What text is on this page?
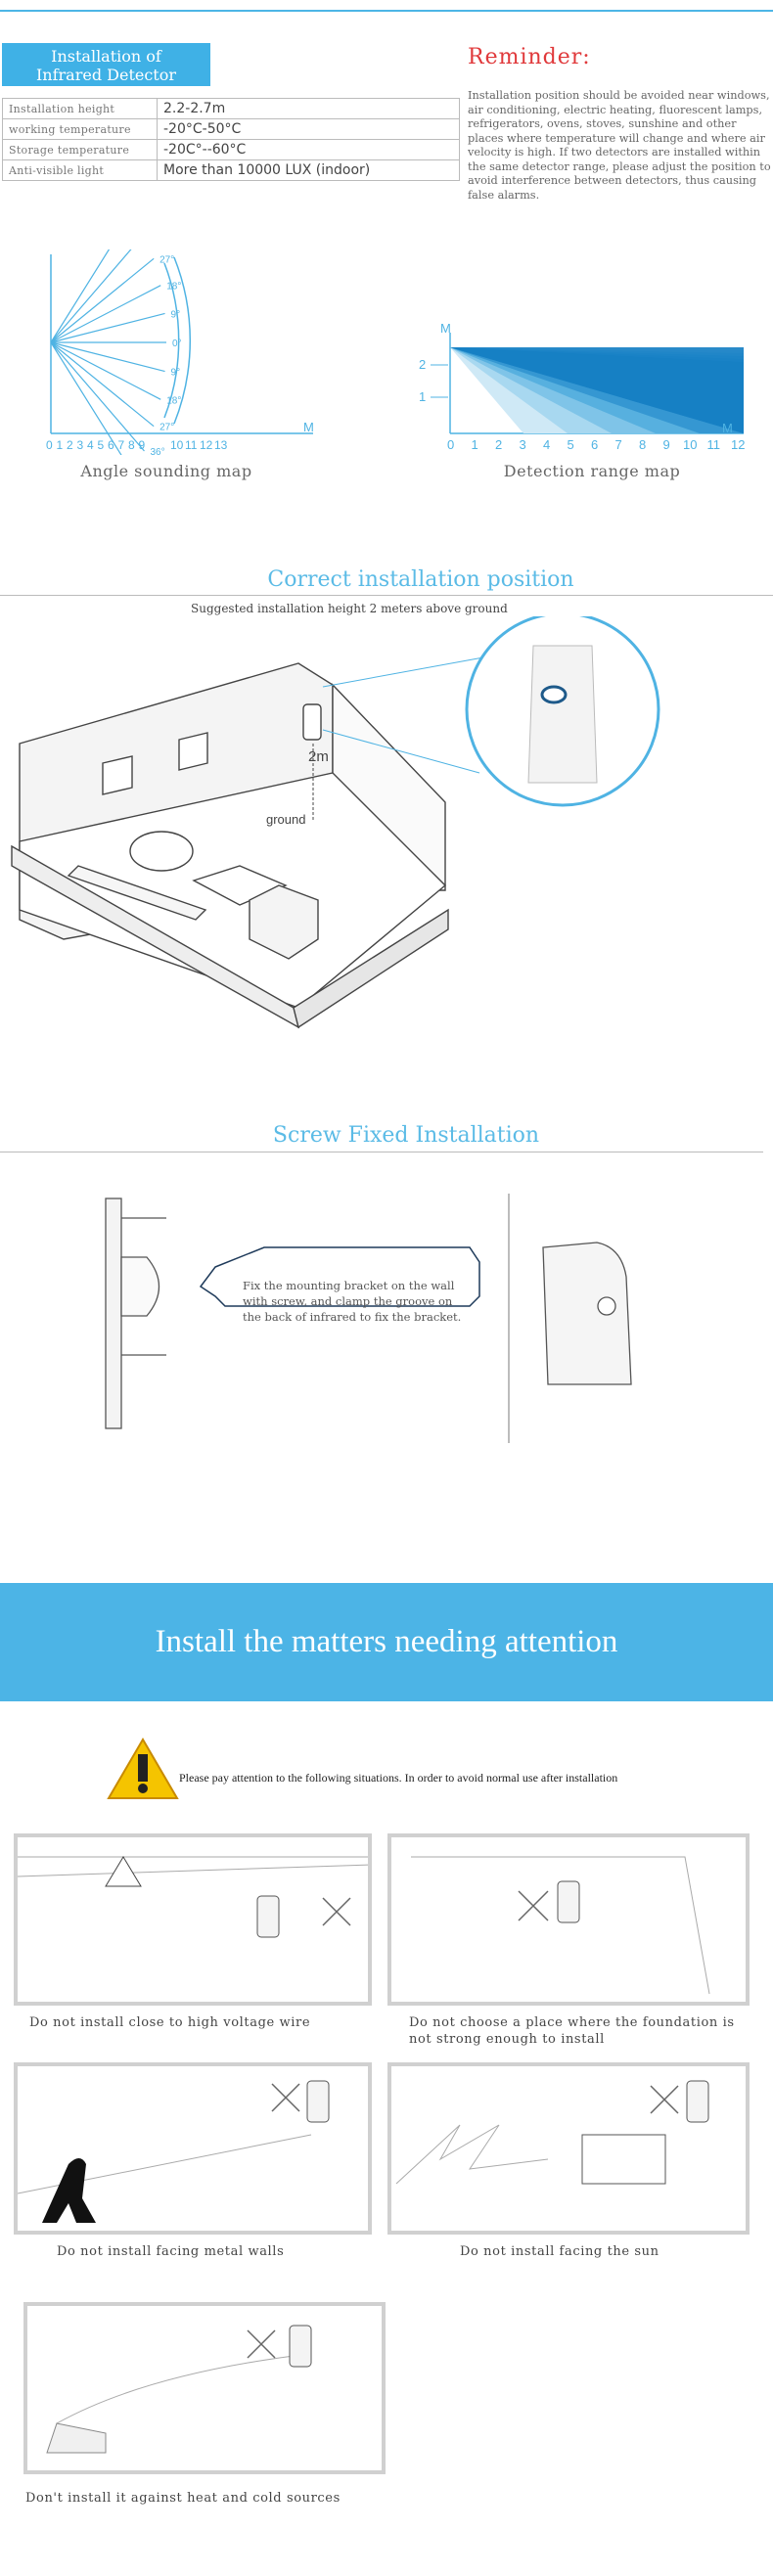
Installation of
Infrared Detector
Installation height	2.2-2.7m
working temperature	-20°C-50°C
Storage temperature	-20C°--60°C
Anti-visible light	More than 10000 LUX (indoor)
Reminder:
Installation position should be avoided near windows, air conditioning, electric heating, fluorescent lamps, refrigerators, ovens, stoves, sunshine and other places where temperature will change and where air velocity is high. If two detectors are installed within the same detector range, please adjust the position to avoid interference between detectors, thus causing false alarms.
27°
18°
9°
0°
9°
18°
27°
36°
0 1 2 3 4 5 6 7 8 9 10 11 12 13
M
Angle sounding map
M
M
2
1
0 1 2 3 4 5 6 7 8 9 10 11 12
Detection range map
Correct installation position
Suggested installation height 2 meters above ground
2m
ground
Screw Fixed Installation
Fix the mounting bracket on the wall with screw, and clamp the groove on the back of infrared to fix the bracket.
Install the matters needing attention
Please pay attention to the following situations. In order to avoid normal use after installation
Do not install close to high voltage wire	Do not choose a place where the foundation is not strong enough to install
Do not install facing metal walls	Do not install facing the sun
Don't install it against heat and cold sources
